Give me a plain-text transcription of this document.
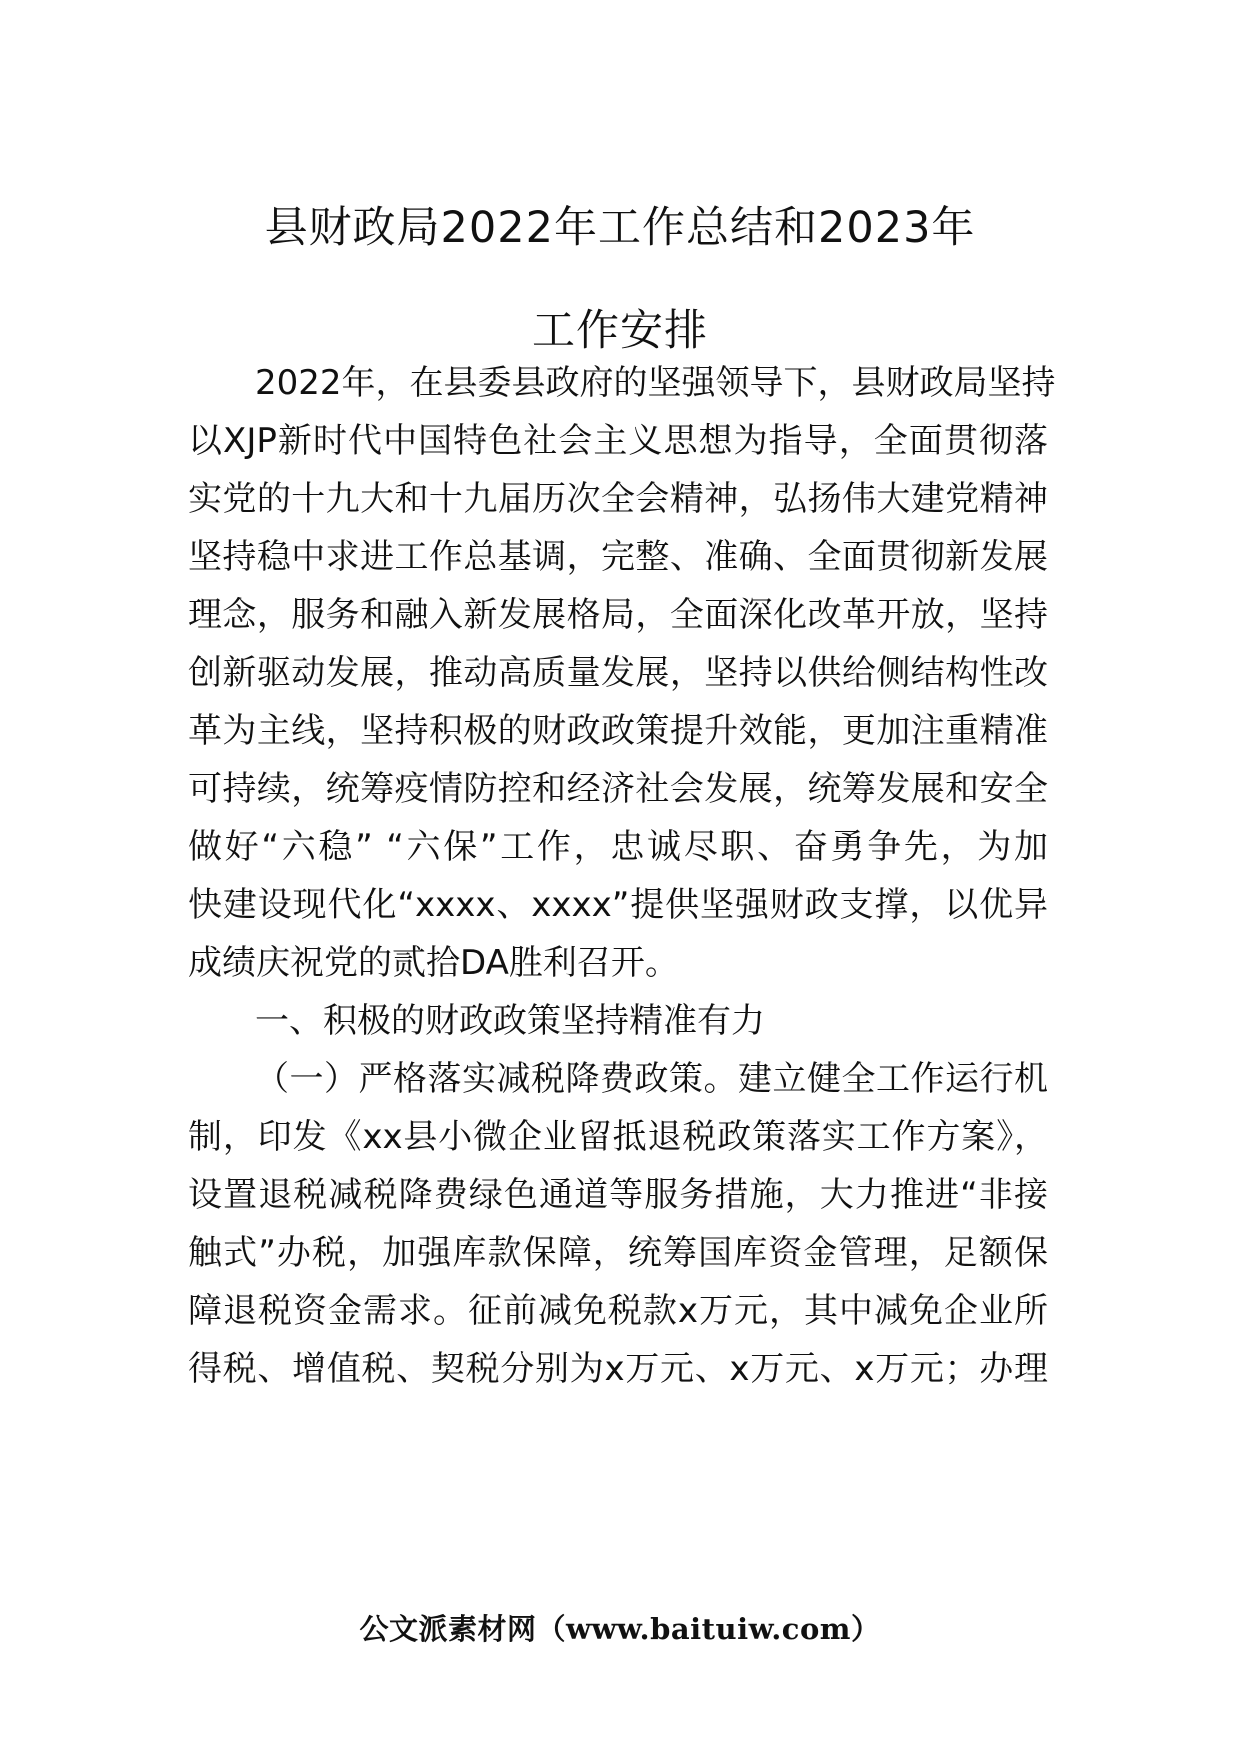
县财政局2022年工作总结和2023年
工作安排
2022年，在县委县政府的坚强领导下，县财政局坚持
以XJP新时代中国特色社会主义思想为指导，全面贯彻落
实党的十九大和十九届历次全会精神，弘扬伟大建党精神
坚持稳中求进工作总基调，完整、准确、全面贯彻新发展
理念，服务和融入新发展格局，全面深化改革开放，坚持
创新驱动发展，推动高质量发展，坚持以供给侧结构性改
革为主线，坚持积极的财政政策提升效能，更加注重精准
可持续，统筹疫情防控和经济社会发展，统筹发展和安全
做好“六稳” “六保”工作，忠诚尽职、奋勇争先，为加
快建设现代化“xxxx、xxxx”提供坚强财政支撑，以优异
成绩庆祝党的贰拾DA胜利召开。
一、积极的财政政策坚持精准有力
（一）严格落实减税降费政策。建立健全工作运行机
制，印发《xx县小微企业留抵退税政策落实工作方案》，
设置退税减税降费绿色通道等服务措施，大力推进“非接
触式”办税，加强库款保障，统筹国库资金管理，足额保
障退税资金需求。征前减免税款x万元，其中减免企业所
得税、增值税、契税分别为x万元、x万元、x万元；办理
公文派素材网（www.baituiw.com）
